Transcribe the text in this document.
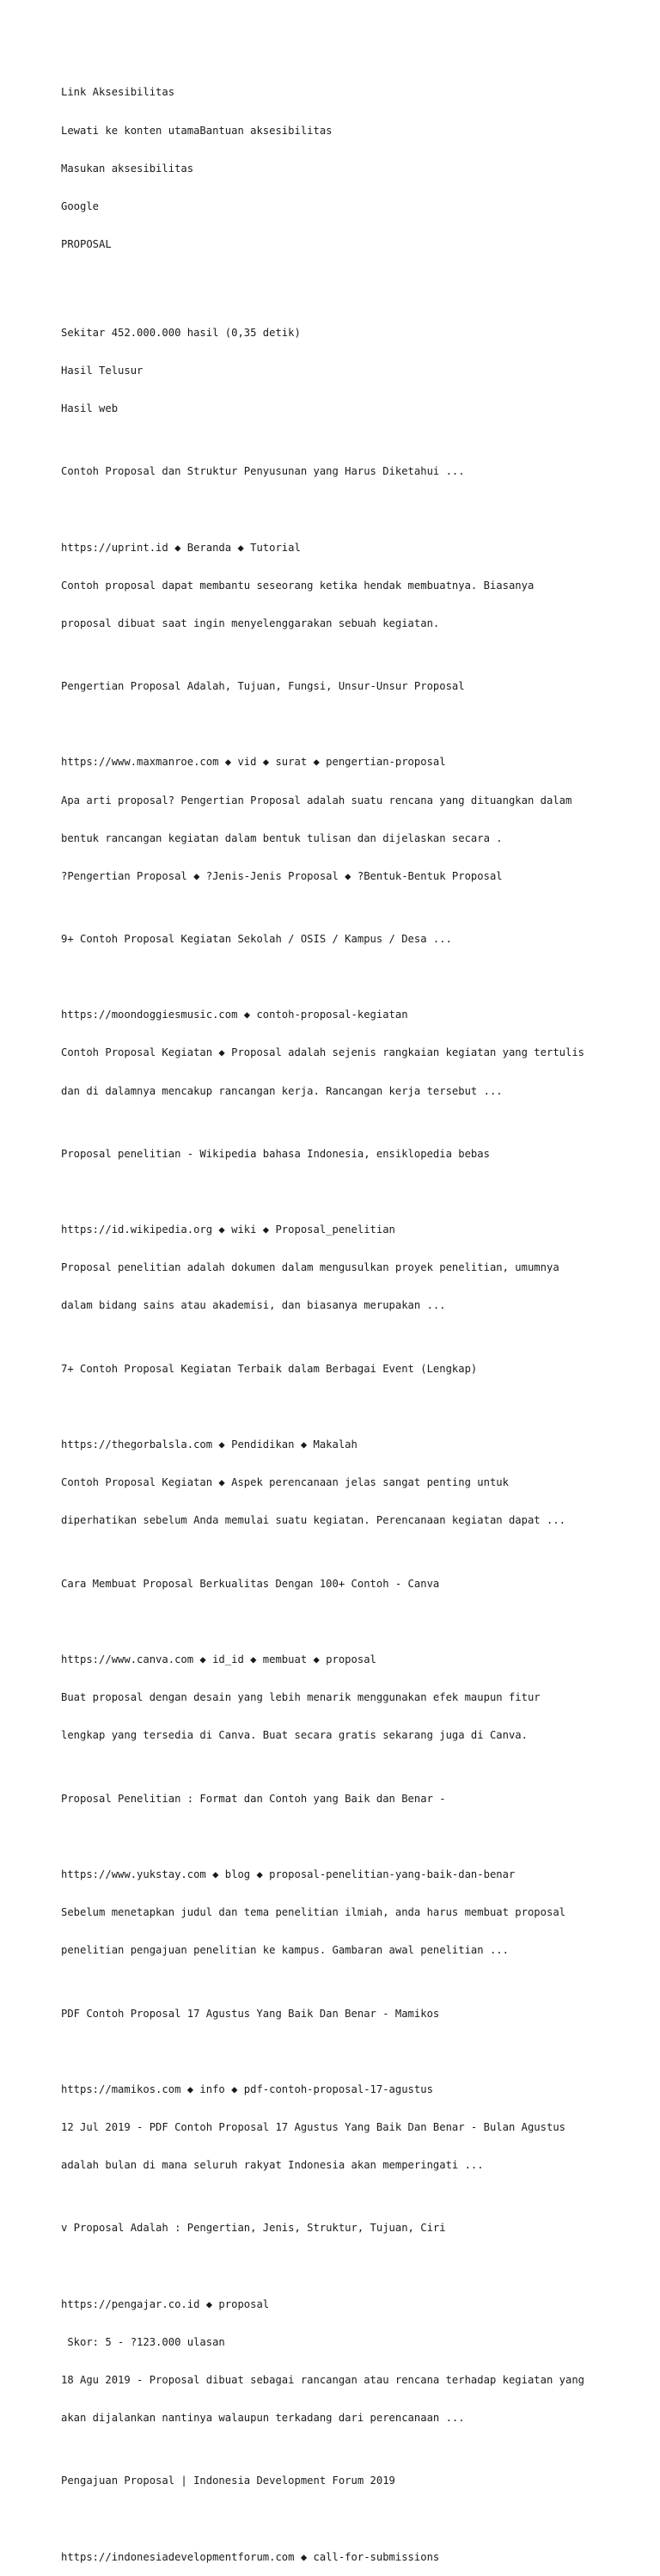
Link Aksesibilitas

Lewati ke konten utamaBantuan aksesibilitas

Masukan aksesibilitas

Google

PROPOSAL

Sekitar 452.000.000 hasil (0,35 detik)

Hasil Telusur

Hasil web

Contoh Proposal dan Struktur Penyusunan yang Harus Diketahui ...

https://uprint.id ◆ Beranda ◆ Tutorial

Contoh proposal dapat membantu seseorang ketika hendak membuatnya. Biasanya

proposal dibuat saat ingin menyelenggarakan sebuah kegiatan.

Pengertian Proposal Adalah, Tujuan, Fungsi, Unsur-Unsur Proposal

https://www.maxmanroe.com ◆ vid ◆ surat ◆ pengertian-proposal

Apa arti proposal? Pengertian Proposal adalah suatu rencana yang dituangkan dalam

bentuk rancangan kegiatan dalam bentuk tulisan dan dijelaskan secara .

?Pengertian Proposal ◆ ?Jenis-Jenis Proposal ◆ ?Bentuk-Bentuk Proposal

9+ Contoh Proposal Kegiatan Sekolah / OSIS / Kampus / Desa ...

https://moondoggiesmusic.com ◆ contoh-proposal-kegiatan

Contoh Proposal Kegiatan ◆ Proposal adalah sejenis rangkaian kegiatan yang tertulis

dan di dalamnya mencakup rancangan kerja. Rancangan kerja tersebut ...

Proposal penelitian - Wikipedia bahasa Indonesia, ensiklopedia bebas

https://id.wikipedia.org ◆ wiki ◆ Proposal_penelitian

Proposal penelitian adalah dokumen dalam mengusulkan proyek penelitian, umumnya

dalam bidang sains atau akademisi, dan biasanya merupakan ...

7+ Contoh Proposal Kegiatan Terbaik dalam Berbagai Event (Lengkap)

https://thegorbalsla.com ◆ Pendidikan ◆ Makalah

Contoh Proposal Kegiatan ◆ Aspek perencanaan jelas sangat penting untuk

diperhatikan sebelum Anda memulai suatu kegiatan. Perencanaan kegiatan dapat ...

Cara Membuat Proposal Berkualitas Dengan 100+ Contoh - Canva

https://www.canva.com ◆ id_id ◆ membuat ◆ proposal

Buat proposal dengan desain yang lebih menarik menggunakan efek maupun fitur

lengkap yang tersedia di Canva. Buat secara gratis sekarang juga di Canva.

Proposal Penelitian : Format dan Contoh yang Baik dan Benar -

https://www.yukstay.com ◆ blog ◆ proposal-penelitian-yang-baik-dan-benar

Sebelum menetapkan judul dan tema penelitian ilmiah, anda harus membuat proposal

penelitian pengajuan penelitian ke kampus. Gambaran awal penelitian ...

PDF Contoh Proposal 17 Agustus Yang Baik Dan Benar - Mamikos

https://mamikos.com ◆ info ◆ pdf-contoh-proposal-17-agustus

12 Jul 2019 - PDF Contoh Proposal 17 Agustus Yang Baik Dan Benar - Bulan Agustus

adalah bulan di mana seluruh rakyat Indonesia akan memperingati ...

v Proposal Adalah : Pengertian, Jenis, Struktur, Tujuan, Ciri

https://pengajar.co.id ◆ proposal

Skor: 5 - ?123.000 ulasan

18 Agu 2019 - Proposal dibuat sebagai rancangan atau rencana terhadap kegiatan yang

akan dijalankan nantinya walaupun terkadang dari perencanaan ...

Pengajuan Proposal | Indonesia Development Forum 2019

https://indonesiadevelopmentforum.com ◆ call-for-submissions
